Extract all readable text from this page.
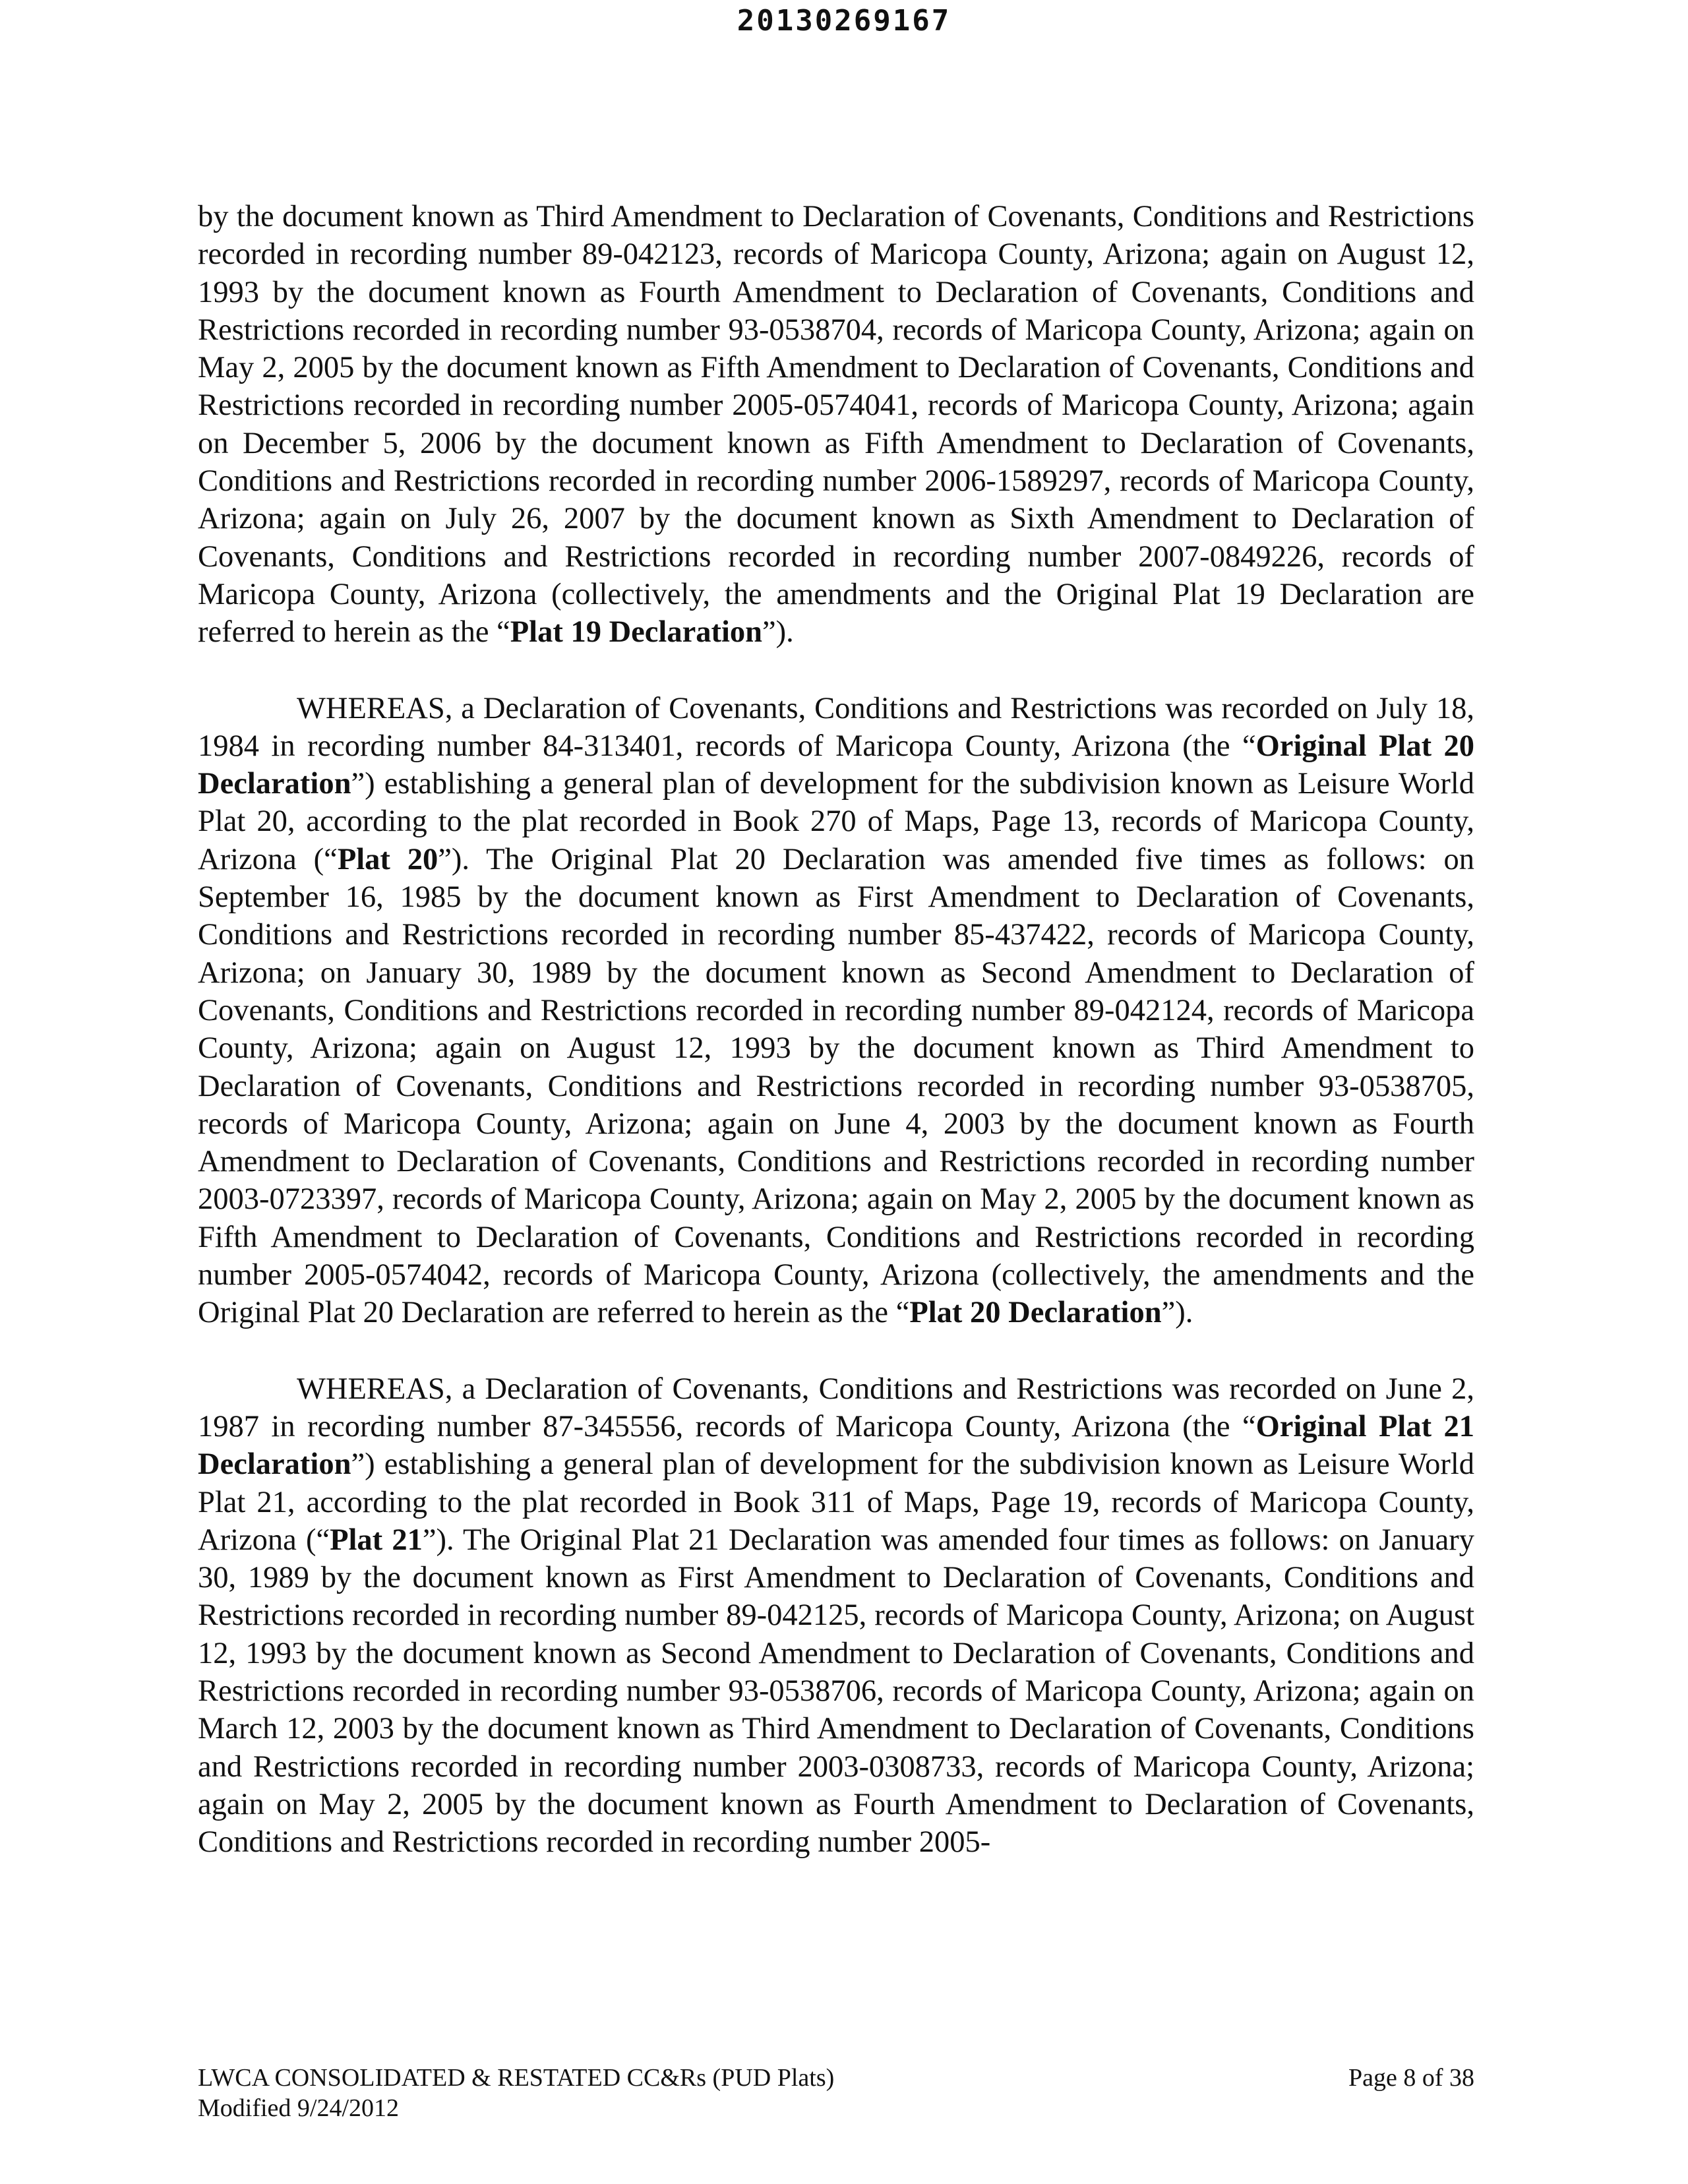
20130269167

by the document known as Third Amendment to Declaration of Covenants, Conditions and Restrictions recorded in recording number 89-042123, records of Maricopa County, Arizona; again on August 12, 1993 by the document known as Fourth Amendment to Declaration of Covenants, Conditions and Restrictions recorded in recording number 93-0538704, records of Maricopa County, Arizona; again on May 2, 2005 by the document known as Fifth Amendment to Declaration of Covenants, Conditions and Restrictions recorded in recording number 2005-0574041, records of Maricopa County, Arizona; again on December 5, 2006 by the document known as Fifth Amendment to Declaration of Covenants, Conditions and Restrictions recorded in recording number 2006-1589297, records of Maricopa County, Arizona; again on July 26, 2007 by the document known as Sixth Amendment to Declaration of Covenants, Conditions and Restrictions recorded in recording number 2007-0849226, records of Maricopa County, Arizona (collectively, the amendments and the Original Plat 19 Declaration are referred to herein as the “Plat 19 Declaration”).

WHEREAS, a Declaration of Covenants, Conditions and Restrictions was recorded on July 18, 1984 in recording number 84-313401, records of Maricopa County, Arizona (the “Original Plat 20 Declaration”) establishing a general plan of development for the subdivision known as Leisure World Plat 20, according to the plat recorded in Book 270 of Maps, Page 13, records of Maricopa County, Arizona (“Plat 20”). The Original Plat 20 Declaration was amended five times as follows: on September 16, 1985 by the document known as First Amendment to Declaration of Covenants, Conditions and Restrictions recorded in recording number 85-437422, records of Maricopa County, Arizona; on January 30, 1989 by the document known as Second Amendment to Declaration of Covenants, Conditions and Restrictions recorded in recording number 89-042124, records of Maricopa County, Arizona; again on August 12, 1993 by the document known as Third Amendment to Declaration of Covenants, Conditions and Restrictions recorded in recording number 93-0538705, records of Maricopa County, Arizona; again on June 4, 2003 by the document known as Fourth Amendment to Declaration of Covenants, Conditions and Restrictions recorded in recording number 2003-0723397, records of Maricopa County, Arizona; again on May 2, 2005 by the document known as Fifth Amendment to Declaration of Covenants, Conditions and Restrictions recorded in recording number 2005-0574042, records of Maricopa County, Arizona (collectively, the amendments and the Original Plat 20 Declaration are referred to herein as the “Plat 20 Declaration”).

WHEREAS, a Declaration of Covenants, Conditions and Restrictions was recorded on June 2, 1987 in recording number 87-345556, records of Maricopa County, Arizona (the “Original Plat 21 Declaration”) establishing a general plan of development for the subdivision known as Leisure World Plat 21, according to the plat recorded in Book 311 of Maps, Page 19, records of Maricopa County, Arizona (“Plat 21”). The Original Plat 21 Declaration was amended four times as follows: on January 30, 1989 by the document known as First Amendment to Declaration of Covenants, Conditions and Restrictions recorded in recording number 89-042125, records of Maricopa County, Arizona; on August 12, 1993 by the document known as Second Amendment to Declaration of Covenants, Conditions and Restrictions recorded in recording number 93-0538706, records of Maricopa County, Arizona; again on March 12, 2003 by the document known as Third Amendment to Declaration of Covenants, Conditions and Restrictions recorded in recording number 2003-0308733, records of Maricopa County, Arizona; again on May 2, 2005 by the document known as Fourth Amendment to Declaration of Covenants, Conditions and Restrictions recorded in recording number 2005-

LWCA CONSOLIDATED & RESTATED CC&Rs (PUD Plats)
Modified 9/24/2012
Page 8 of 38
